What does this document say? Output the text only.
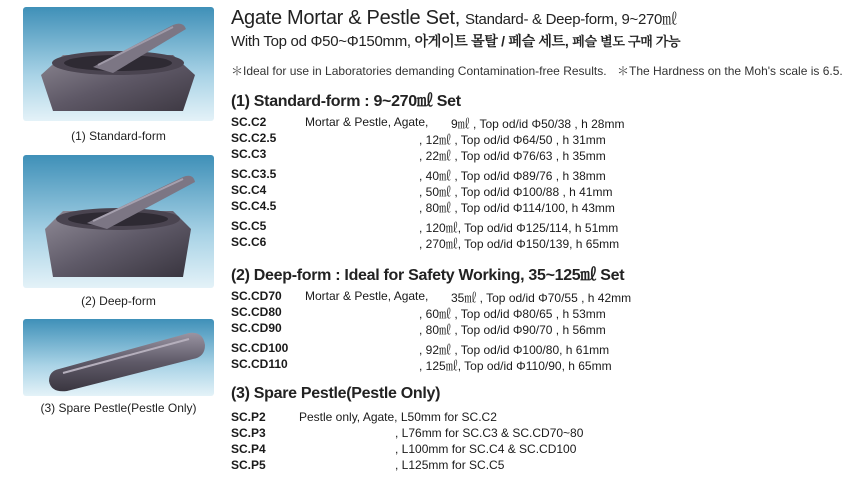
(1) Standard-form
(2) Deep-form
(3) Spare Pestle(Pestle Only)
Agate Mortar & Pestle Set, Standard- & Deep-form, 9~270㎖
With Top od Φ50~Φ150mm, 아게이트 몰탈 / 페슬 세트, 페슬 별도 구매 가능
＊Ideal for use in Laboratories demanding Contamination-free Results. ＊The Hardness on the Moh's scale is 6.5.
(1) Standard-form : 9~270㎖ Set
(2) Deep-form : Ideal for Safety Working, 35~125㎖ Set
(3) Spare Pestle(Pestle Only)
SC.C2	Mortar & Pestle, Agate, 9㎖ , Top od/id Φ50/38 , h 28mm
SC.C2.5	, 12㎖ , Top od/id Φ64/50 , h 31mm
SC.C3	, 22㎖ , Top od/id Φ76/63 , h 35mm
SC.C3.5	, 40㎖ , Top od/id Φ89/76 , h 38mm
SC.C4	, 50㎖ , Top od/id Φ100/88 , h 41mm
SC.C4.5	, 80㎖ , Top od/id Φ114/100, h 43mm
SC.C5	, 120㎖, Top od/id Φ125/114, h 51mm
SC.C6	, 270㎖, Top od/id Φ150/139, h 65mm
SC.CD70 Mortar & Pestle, Agate, 35㎖ , Top od/id Φ70/55 , h 42mm
SC.CD80	, 60㎖ , Top od/id Φ80/65 , h 53mm
SC.CD90	, 80㎖ , Top od/id Φ90/70 , h 56mm
SC.CD100	, 92㎖ , Top od/id Φ100/80, h 61mm
SC.CD110	, 125㎖, Top od/id Φ110/90, h 65mm
SC.P2	Pestle only, Agate, L50mm for SC.C2
SC.P3	, L76mm for SC.C3 & SC.CD70~80
SC.P4	, L100mm for SC.C4 & SC.CD100
SC.P5	, L125mm for SC.C5
